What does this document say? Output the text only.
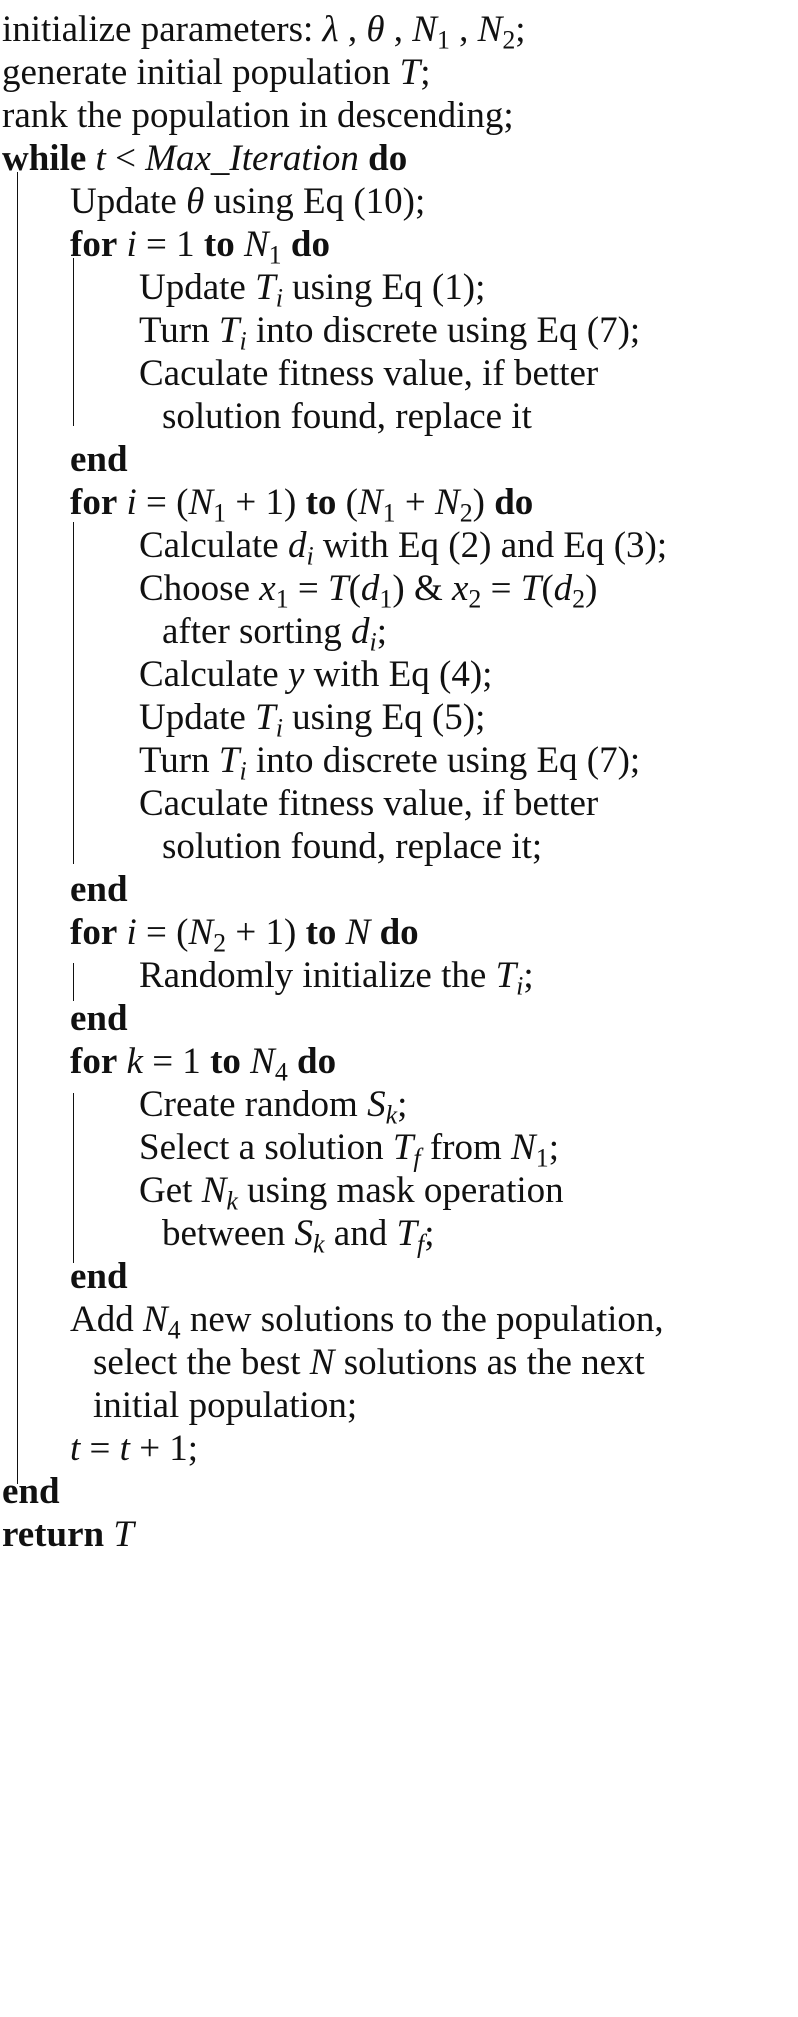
initialize parameters: λ , θ , $N_1$ , $N_2$;
generate initial population T;
rank the population in descending;
while t < Max_Iteration do
Update θ using Eq (10);
for i = 1 to $N_1$ do
Update $T_i$ using Eq (1);
Turn $T_i$ into discrete using Eq (7);
Caculate fitness value, if better
solution found, replace it
end
for $i = (N_1 + 1)$ to $(N_1 + N_2)$ do
Calculate $d_i$ with Eq (2) and Eq (3);
Choose $x_1 = T(d_1)$ & $x_2 = T(d_2)$
after sorting $d_i$;
Calculate y with Eq (4);
Update $T_i$ using Eq (5);
Turn $T_i$ into discrete using Eq (7);
Caculate fitness value, if better
solution found, replace it;
end
for $i = (N_2 + 1)$ to N do
Randomly initialize the $T_i$;
end
for k = 1 to $N_4$ do
Create random $S_k$;
Select a solution $T_f$ from $N_1$;
Get $N_k$ using mask operation
between $S_k$ and $T_f$;
end
Add $N_4$ new solutions to the population,
select the best N solutions as the next
initial population;
t = t + 1;
end
return T
